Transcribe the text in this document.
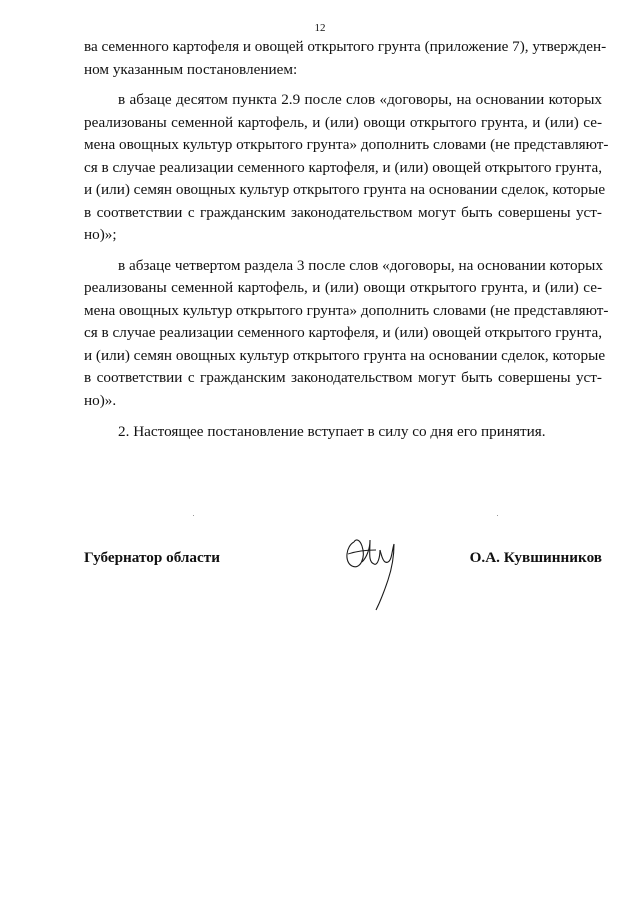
12
ва семенного картофеля и овощей открытого грунта (приложение 7), утвержден-
ном указанным постановлением:
в абзаце десятом пункта 2.9 после слов «договоры, на основании которых
реализованы семенной картофель, и (или) овощи открытого грунта, и (или) се-
мена овощных культур открытого грунта» дополнить словами (не представляют-
ся в случае реализации семенного картофеля, и (или) овощей открытого грунта,
и (или) семян овощных культур открытого грунта на основании сделок, которые
в соответствии с гражданским законодательством могут быть совершены уст-
но)»;
в абзаце четвертом раздела 3 после слов «договоры, на основании которых
реализованы семенной картофель, и (или) овощи открытого грунта, и (или) се-
мена овощных культур открытого грунта» дополнить словами (не представляют-
ся в случае реализации семенного картофеля, и (или) овощей открытого грунта,
и (или) семян овощных культур открытого грунта на основании сделок, которые
в соответствии с гражданским законодательством могут быть совершены уст-
но)».
2. Настоящее постановление вступает в силу со дня его принятия.
Губернатор области	О.А. Кувшинников
